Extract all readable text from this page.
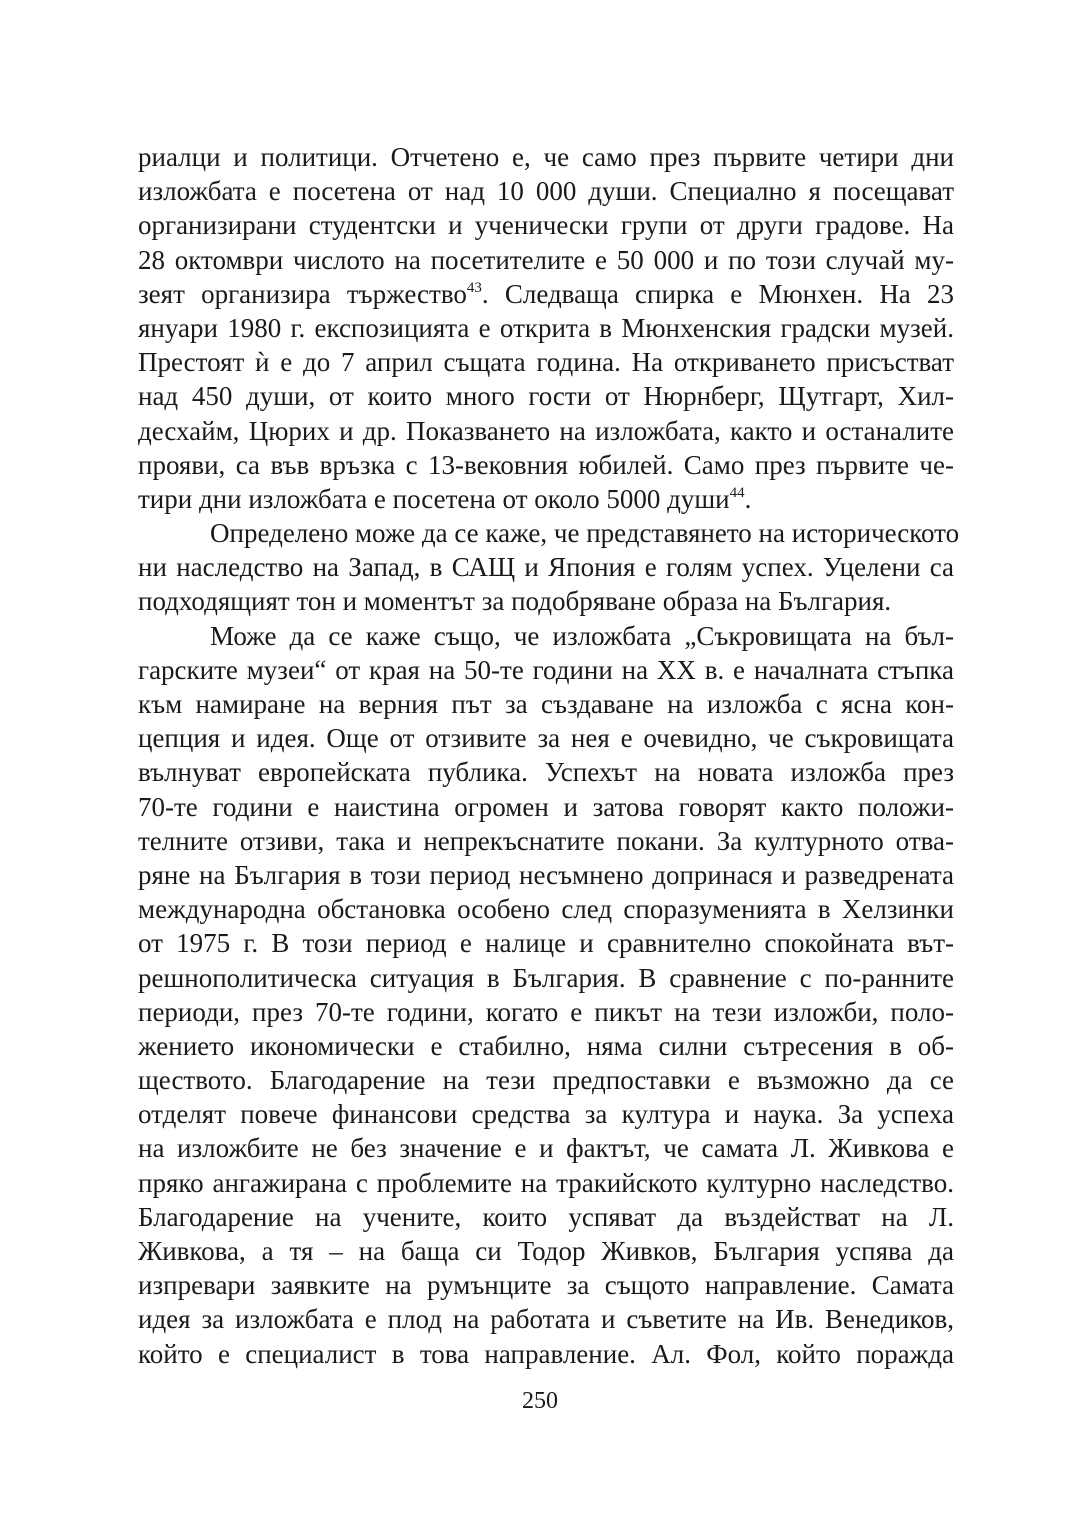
риалци и политици. Отчетено е, че само през първите четири дни
изложбата е посетена от над 10 000 души. Специално я посещават
организирани студентски и ученически групи от други градове. На
28 октомври числото на посетителите е 50 000 и по този случай му-
зеят организира тържество$^{43}$. Следваща спирка е Мюнхен. На 23
януари 1980 г. експозицията е открита в Мюнхенския градски музей.
Престоят ѝ е до 7 април същата година. На откриването присъстват
над 450 души, от които много гости от Нюрнберг, Щутгарт, Хил-
десхайм, Цюрих и др. Показването на изложбата, както и останалите
прояви, са във връзка с 13-вековния юбилей. Само през първите че-
тири дни изложбата е посетена от около 5000 души$^{44}$.

Определено може да се каже, че представянето на историческото
ни наследство на Запад, в САЩ и Япония е голям успех. Уцелени са
подходящият тон и моментът за подобряване образа на България.

Може да се каже също, че изложбата „Съкровищата на бъл-
гарските музеи“ от края на 50-те години на XX в. е началната стъпка
към намиране на верния път за създаване на изложба с ясна кон-
цепция и идея. Още от отзивите за нея е очевидно, че съкровищата
вълнуват европейската публика. Успехът на новата изложба през
70-те години е наистина огромен и затова говорят както положи-
телните отзиви, така и непрекъснатите покани. За културното отва-
ряне на България в този период несъмнено допринася и разведрената
международна обстановка особено след споразуменията в Хелзинки
от 1975 г. В този период е налице и сравнително спокойната вът-
решнополитическа ситуация в България. В сравнение с по-ранните
периоди, през 70-те години, когато е пикът на тези изложби, поло-
жението икономически е стабилно, няма силни сътресения в об-
ществото. Благодарение на тези предпоставки е възможно да се
отделят повече финансови средства за култура и наука. За успеха
на изложбите не без значение е и фактът, че самата Л. Живкова е
пряко ангажирана с проблемите на тракийското културно наследство.
Благодарение на учените, които успяват да въздействат на Л.
Живкова, а тя – на баща си Тодор Живков, България успява да
изпревари заявките на румънците за същото направление. Самата
идея за изложбата е плод на работата и съветите на Ив. Венедиков,
който е специалист в това направление. Ал. Фол, който поражда

250
